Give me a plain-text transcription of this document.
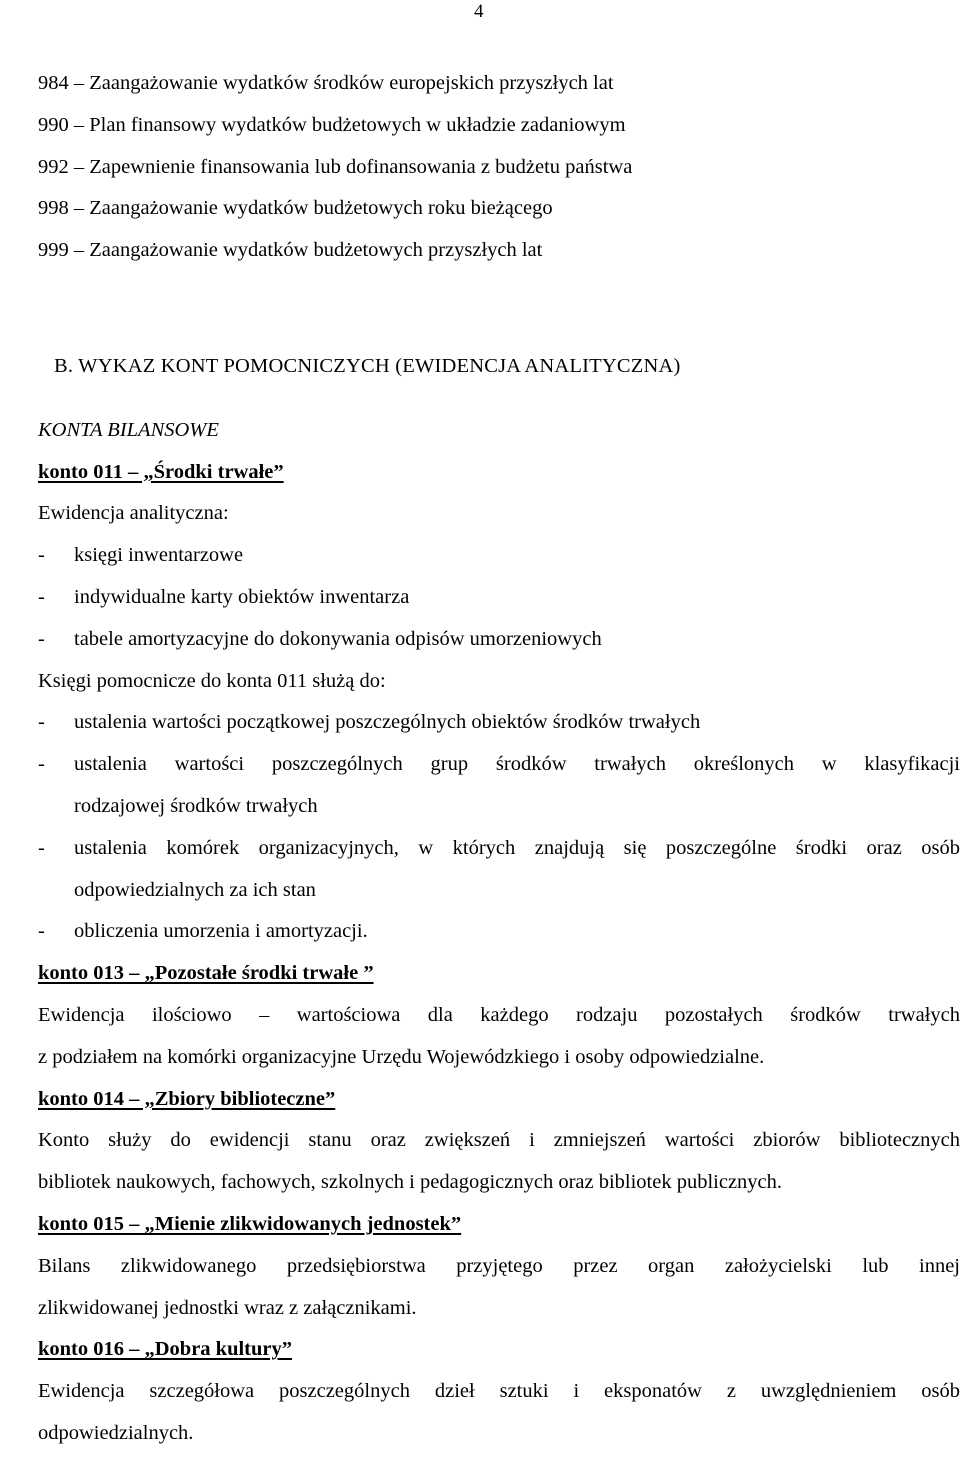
4
984 – Zaangażowanie wydatków środków europejskich przyszłych lat
990 – Plan finansowy wydatków budżetowych w układzie zadaniowym
992 – Zapewnienie finansowania lub dofinansowania z budżetu państwa
998 – Zaangażowanie wydatków budżetowych roku bieżącego
999 – Zaangażowanie wydatków budżetowych przyszłych lat
B. WYKAZ KONT POMOCNICZYCH (EWIDENCJA ANALITYCZNA)
KONTA BILANSOWE
konto 011 – „Środki trwałe”
Ewidencja analityczna:
-	księgi inwentarzowe
-	indywidualne karty obiektów inwentarza
-	tabele amortyzacyjne do dokonywania odpisów umorzeniowych
Księgi pomocnicze do konta 011 służą do:
-	ustalenia wartości początkowej poszczególnych obiektów środków trwałych
-	ustalenia wartości poszczególnych grup środków trwałych określonych w klasyfikacji
rodzajowej środków trwałych
-	ustalenia komórek organizacyjnych, w których znajdują się poszczególne środki oraz osób
odpowiedzialnych za ich stan
-	obliczenia umorzenia i amortyzacji.
konto 013 – „Pozostałe środki trwałe ”
Ewidencja ilościowo – wartościowa dla każdego rodzaju pozostałych środków trwałych
z podziałem na komórki organizacyjne Urzędu Wojewódzkiego i osoby odpowiedzialne.
konto 014 – „Zbiory biblioteczne”
Konto służy do ewidencji stanu oraz zwiększeń i zmniejszeń wartości zbiorów bibliotecznych
bibliotek naukowych, fachowych, szkolnych i pedagogicznych oraz bibliotek publicznych.
konto 015 – „Mienie zlikwidowanych jednostek”
Bilans zlikwidowanego przedsiębiorstwa przyjętego przez organ założycielski lub innej
zlikwidowanej jednostki wraz z załącznikami.
konto 016 – „Dobra kultury”
Ewidencja szczegółowa poszczególnych dzieł sztuki i eksponatów z uwzględnieniem osób
odpowiedzialnych.
